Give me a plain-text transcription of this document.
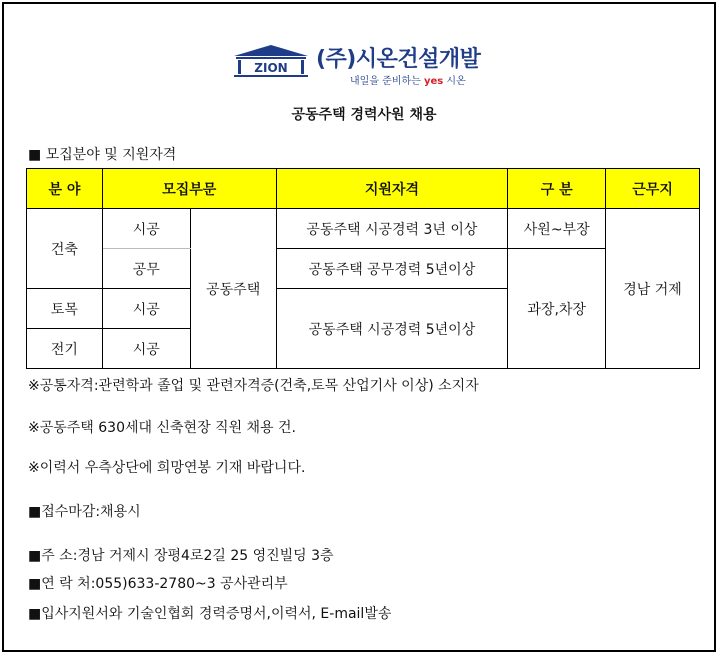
ZION (주)시온건설개발
내일을 준비하는 yes 시온
공동주택 경력사원 채용
■ 모집분야 및 지원자격
분 야	모집부문		지원자격	구 분	근무지
건축	시공	공동주택	공동주택 시공경력 3년 이상	사원~부장	경남 거제
	공무		공동주택 공무경력 5년이상	과장,차장	
토목	시공		공동주택 시공경력 5년이상		
전기	시공				

※공통자격:관련학과 졸업 및 관련자격증(건축,토목 산업기사 이상) 소지자

※공동주택 630세대 신축현장 직원 채용 건.

※이력서 우측상단에 희망연봉 기재 바랍니다.

■접수마감:채용시

■주 소:경남 거제시 장평4로2길 25 영진빌딩 3층

■연 락 처:055)633-2780~3 공사관리부

■입사지원서와 기술인협회 경력증명서,이력서, E-mail발송
